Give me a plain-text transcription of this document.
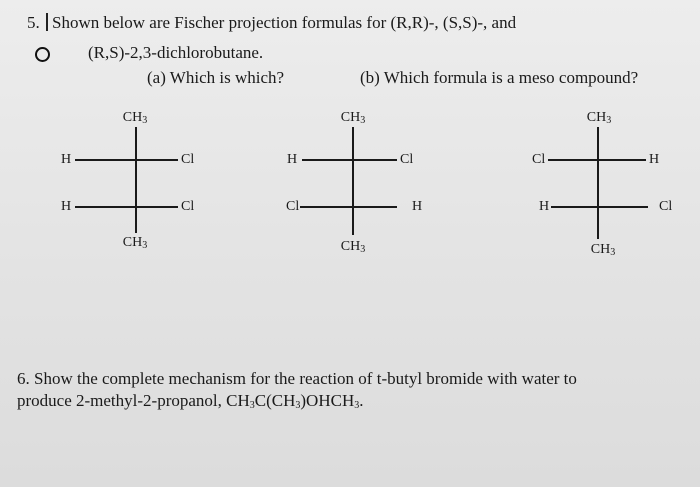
5. Shown below are Fischer projection formulas for (R,R)-, (S,S)-, and
(R,S)-2,3-dichlorobutane.
(a) Which is which?	(b) Which formula is a meso compound?
$CH_3$
H	Cl
H	Cl
$CH_3$
$CH_3$
H	Cl
Cl	H
$CH_3$
$CH_3$
Cl	H
H	Cl
$CH_3$
6. Show the complete mechanism for the reaction of t-butyl bromide with water to
produce 2-methyl-2-propanol, $CH_3C(CH_3)OHCH_3$.
